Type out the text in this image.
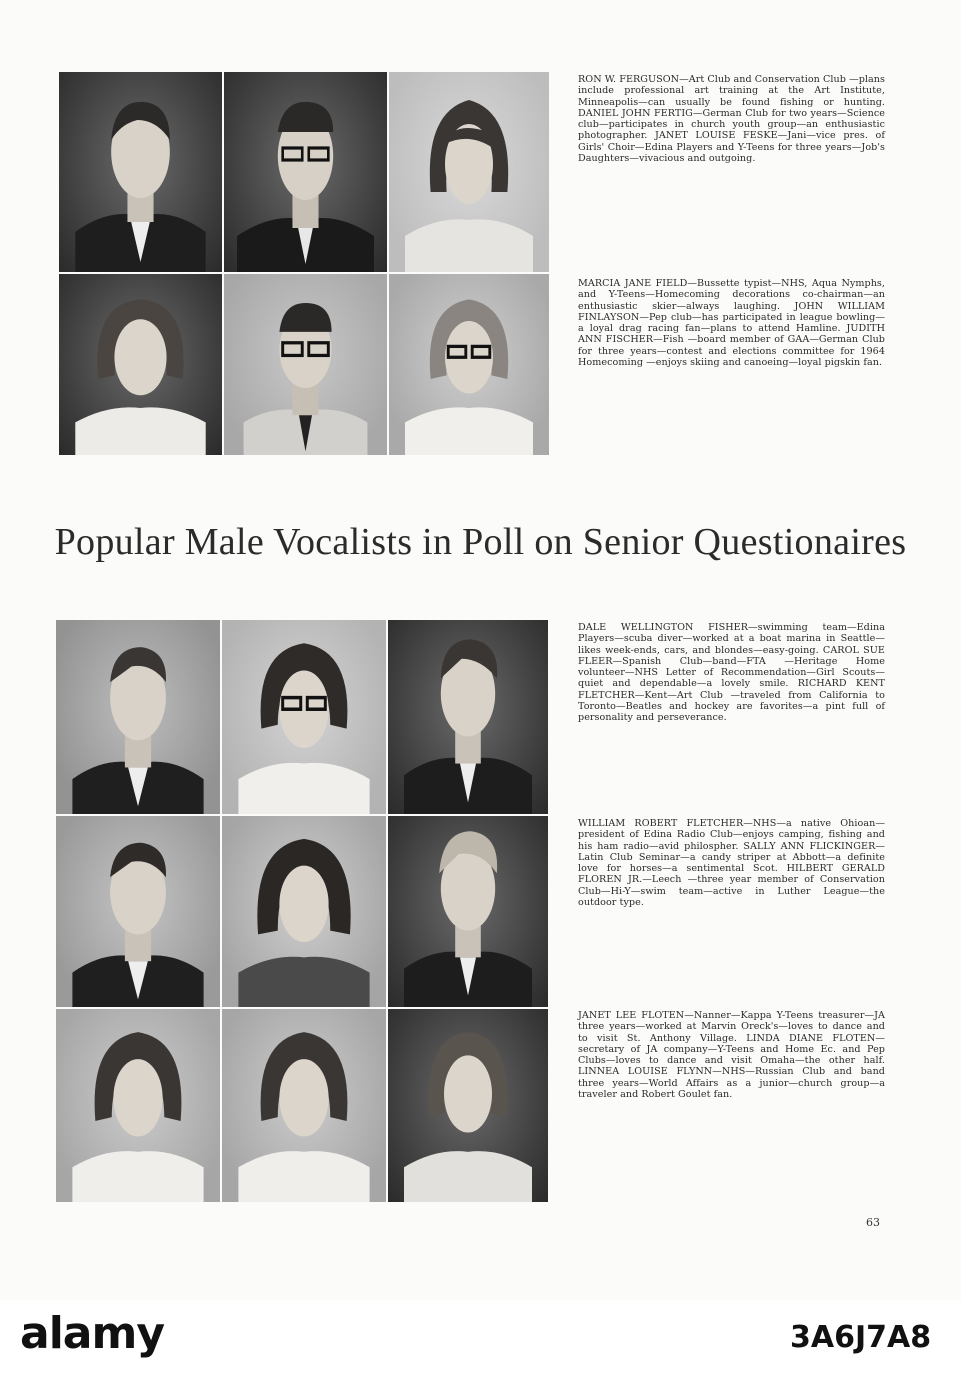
RON W. FERGUSON—Art Club and Conservation Club —plans include professional art training at the Art Institute, Minneapolis—can usually be found fishing or hunting. DANIEL JOHN FERTIG—German Club for two years—Science club—participates in church youth group—an enthusiastic photographer. JANET LOUISE FESKE—Jani—vice pres. of Girls' Choir—Edina Players and Y-Teens for three years—Job's Daughters—vivacious and outgoing.
MARCIA JANE FIELD—Bussette typist—NHS, Aqua Nymphs, and Y-Teens—Homecoming decorations co-chairman—an enthusiastic skier—always laughing. JOHN WILLIAM FINLAYSON—Pep club—has participated in league bowling—a loyal drag racing fan—plans to attend Hamline. JUDITH ANN FISCHER—Fish —board member of GAA—German Club for three years—contest and elections committee for 1964 Homecoming —enjoys skiing and canoeing—loyal pigskin fan.
Popular Male Vocalists in Poll on Senior Questionaires
DALE WELLINGTON FISHER—swimming team—Edina Players—scuba diver—worked at a boat marina in Seattle—likes week-ends, cars, and blondes—easy-going. CAROL SUE FLEER—Spanish Club—band—FTA —Heritage Home volunteer—NHS Letter of Recommendation—Girl Scouts—quiet and dependable—a lovely smile. RICHARD KENT FLETCHER—Kent—Art Club —traveled from California to Toronto—Beatles and hockey are favorites—a pint full of personality and perseverance.
WILLIAM ROBERT FLETCHER—NHS—a native Ohioan—president of Edina Radio Club—enjoys camping, fishing and his ham radio—avid philospher. SALLY ANN FLICKINGER—Latin Club Seminar—a candy striper at Abbott—a definite love for horses—a sentimental Scot. HILBERT GERALD FLOREN JR.—Leech —three year member of Conservation Club—Hi-Y—swim team—active in Luther League—the outdoor type.
JANET LEE FLOTEN—Nanner—Kappa Y-Teens treasurer—JA three years—worked at Marvin Oreck's—loves to dance and to visit St. Anthony Village. LINDA DIANE FLOTEN—secretary of JA company—Y-Teens and Home Ec. and Pep Clubs—loves to dance and visit Omaha—the other half. LINNEA LOUISE FLYNN—NHS—Russian Club and band three years—World Affairs as a junior—church group—a traveler and Robert Goulet fan.
63
alamy	3A6J7A8
